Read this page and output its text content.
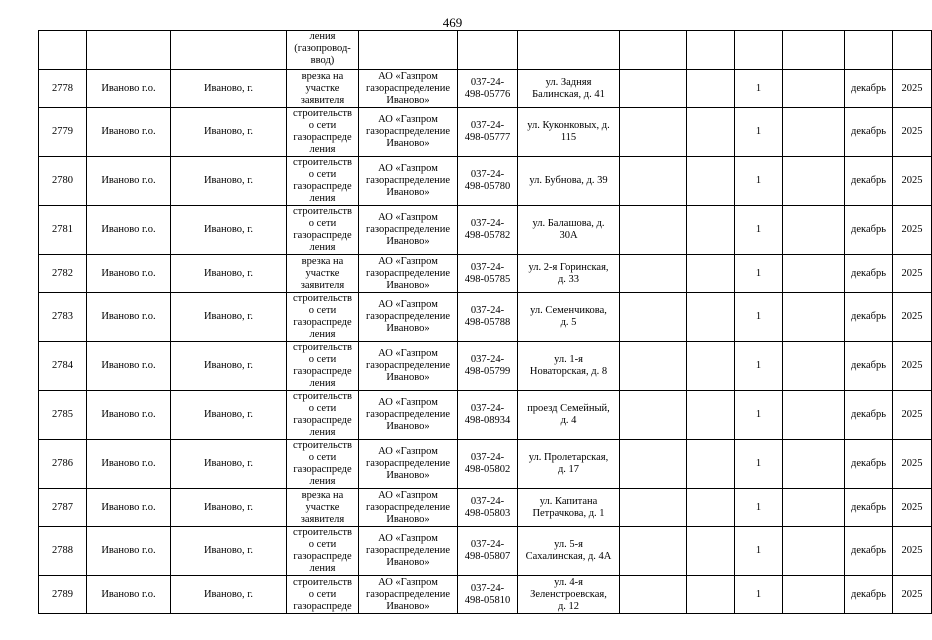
469
			ления
(газопровод-
ввод)									
2778	Иваново г.о.	Иваново, г.	врезка на
участке
заявителя	АО «Газпром
газораспределение
Иваново»	037-24-
498-05776	ул. Задняя
Балинская, д. 41			1		декабрь	2025
2779	Иваново г.о.	Иваново, г.	строительств
о сети
газораспреде
ления	АО «Газпром
газораспределение
Иваново»	037-24-
498-05777	ул. Куконковых, д.
115			1		декабрь	2025
2780	Иваново г.о.	Иваново, г.	строительств
о сети
газораспреде
ления	АО «Газпром
газораспределение
Иваново»	037-24-
498-05780	ул. Бубнова, д. 39			1		декабрь	2025
2781	Иваново г.о.	Иваново, г.	строительств
о сети
газораспреде
ления	АО «Газпром
газораспределение
Иваново»	037-24-
498-05782	ул. Балашова, д.
30А			1		декабрь	2025
2782	Иваново г.о.	Иваново, г.	врезка на
участке
заявителя	АО «Газпром
газораспределение
Иваново»	037-24-
498-05785	ул. 2-я Горинская,
д. 33			1		декабрь	2025
2783	Иваново г.о.	Иваново, г.	строительств
о сети
газораспреде
ления	АО «Газпром
газораспределение
Иваново»	037-24-
498-05788	ул. Семенчикова,
д. 5			1		декабрь	2025
2784	Иваново г.о.	Иваново, г.	строительств
о сети
газораспреде
ления	АО «Газпром
газораспределение
Иваново»	037-24-
498-05799	ул. 1-я
Новаторская, д. 8			1		декабрь	2025
2785	Иваново г.о.	Иваново, г.	строительств
о сети
газораспреде
ления	АО «Газпром
газораспределение
Иваново»	037-24-
498-08934	проезд Семейный,
д. 4			1		декабрь	2025
2786	Иваново г.о.	Иваново, г.	строительств
о сети
газораспреде
ления	АО «Газпром
газораспределение
Иваново»	037-24-
498-05802	ул. Пролетарская,
д. 17			1		декабрь	2025
2787	Иваново г.о.	Иваново, г.	врезка на
участке
заявителя	АО «Газпром
газораспределение
Иваново»	037-24-
498-05803	ул. Капитана
Петрачкова, д. 1			1		декабрь	2025
2788	Иваново г.о.	Иваново, г.	строительств
о сети
газораспреде
ления	АО «Газпром
газораспределение
Иваново»	037-24-
498-05807	ул. 5-я
Сахалинская, д. 4А			1		декабрь	2025
2789	Иваново г.о.	Иваново, г.	строительств
о сети
газораспреде	АО «Газпром
газораспределение
Иваново»	037-24-
498-05810	ул. 4-я
Зеленстроевская,
д. 12			1		декабрь	2025
